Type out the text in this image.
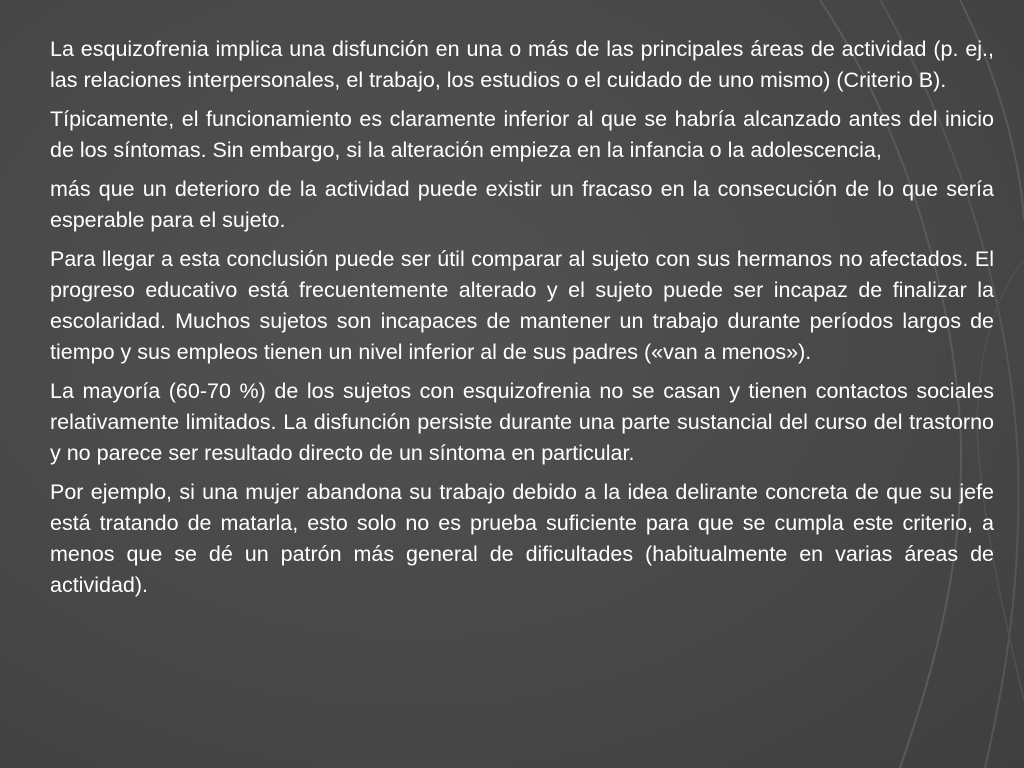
La esquizofrenia implica una disfunción en una o más de las principales áreas de actividad (p. ej., las relaciones interpersonales, el trabajo, los estudios o el cuidado de uno mismo) (Criterio B).

Típicamente, el funcionamiento es claramente inferior al que se habría alcanzado antes del inicio de los síntomas. Sin embargo, si la alteración empieza en la infancia o la adolescencia,

más que un deterioro de la actividad puede existir un fracaso en la consecución de lo que sería esperable para el sujeto.

Para llegar a esta conclusión puede ser útil comparar al sujeto con sus hermanos no afectados. El progreso educativo está frecuentemente alterado y el sujeto puede ser incapaz de finalizar la escolaridad. Muchos sujetos son incapaces de mantener un trabajo durante períodos largos de tiempo y sus empleos tienen un nivel inferior al de sus padres («van a menos»).

La mayoría (60-70 %) de los sujetos con esquizofrenia no se casan y tienen contactos sociales relativamente limitados. La disfunción persiste durante una parte sustancial del curso del trastorno y no parece ser resultado directo de un síntoma en particular.

Por ejemplo, si una mujer abandona su trabajo debido a la idea delirante concreta de que su jefe está tratando de matarla, esto solo no es prueba suficiente para que se cumpla este criterio, a menos que se dé un patrón más general de dificultades (habitualmente en varias áreas de actividad).
